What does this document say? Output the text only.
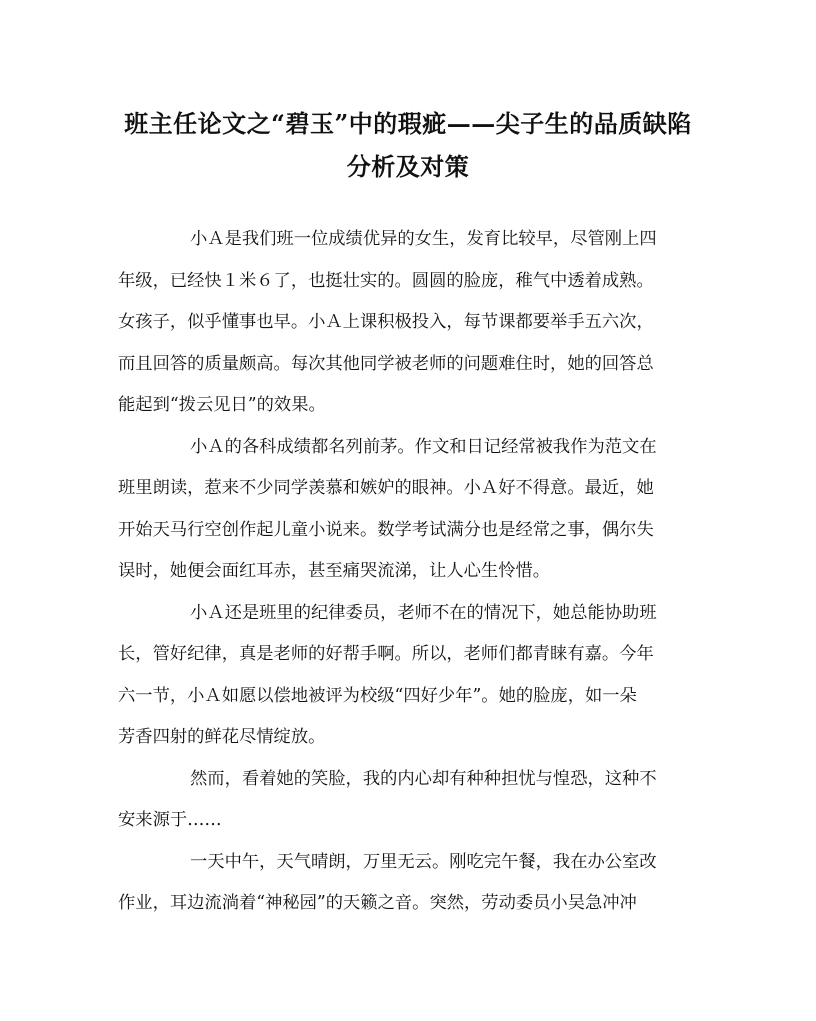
班主任论文之“碧玉”中的瑕疵——尖子生的品质缺陷
分析及对策

小Ａ是我们班一位成绩优异的女生，发育比较早，尽管刚上四
年级，已经快１米６了，也挺壮实的。圆圆的脸庞，稚气中透着成熟。
女孩子，似乎懂事也早。小Ａ上课积极投入，每节课都要举手五六次，
而且回答的质量颇高。每次其他同学被老师的问题难住时，她的回答总
能起到“拨云见日”的效果。

小Ａ的各科成绩都名列前茅。作文和日记经常被我作为范文在
班里朗读，惹来不少同学羡慕和嫉妒的眼神。小Ａ好不得意。最近，她
开始天马行空创作起儿童小说来。数学考试满分也是经常之事，偶尔失
误时，她便会面红耳赤，甚至痛哭流涕，让人心生怜惜。

小Ａ还是班里的纪律委员，老师不在的情况下，她总能协助班
长，管好纪律，真是老师的好帮手啊。所以，老师们都青睐有嘉。今年
六一节，小Ａ如愿以偿地被评为校级“四好少年”。她的脸庞，如一朵
芳香四射的鲜花尽情绽放。

然而，看着她的笑脸，我的内心却有种种担忧与惶恐，这种不
安来源于……

一天中午，天气晴朗，万里无云。刚吃完午餐，我在办公室改
作业，耳边流淌着“神秘园”的天籁之音。突然，劳动委员小吴急冲冲
